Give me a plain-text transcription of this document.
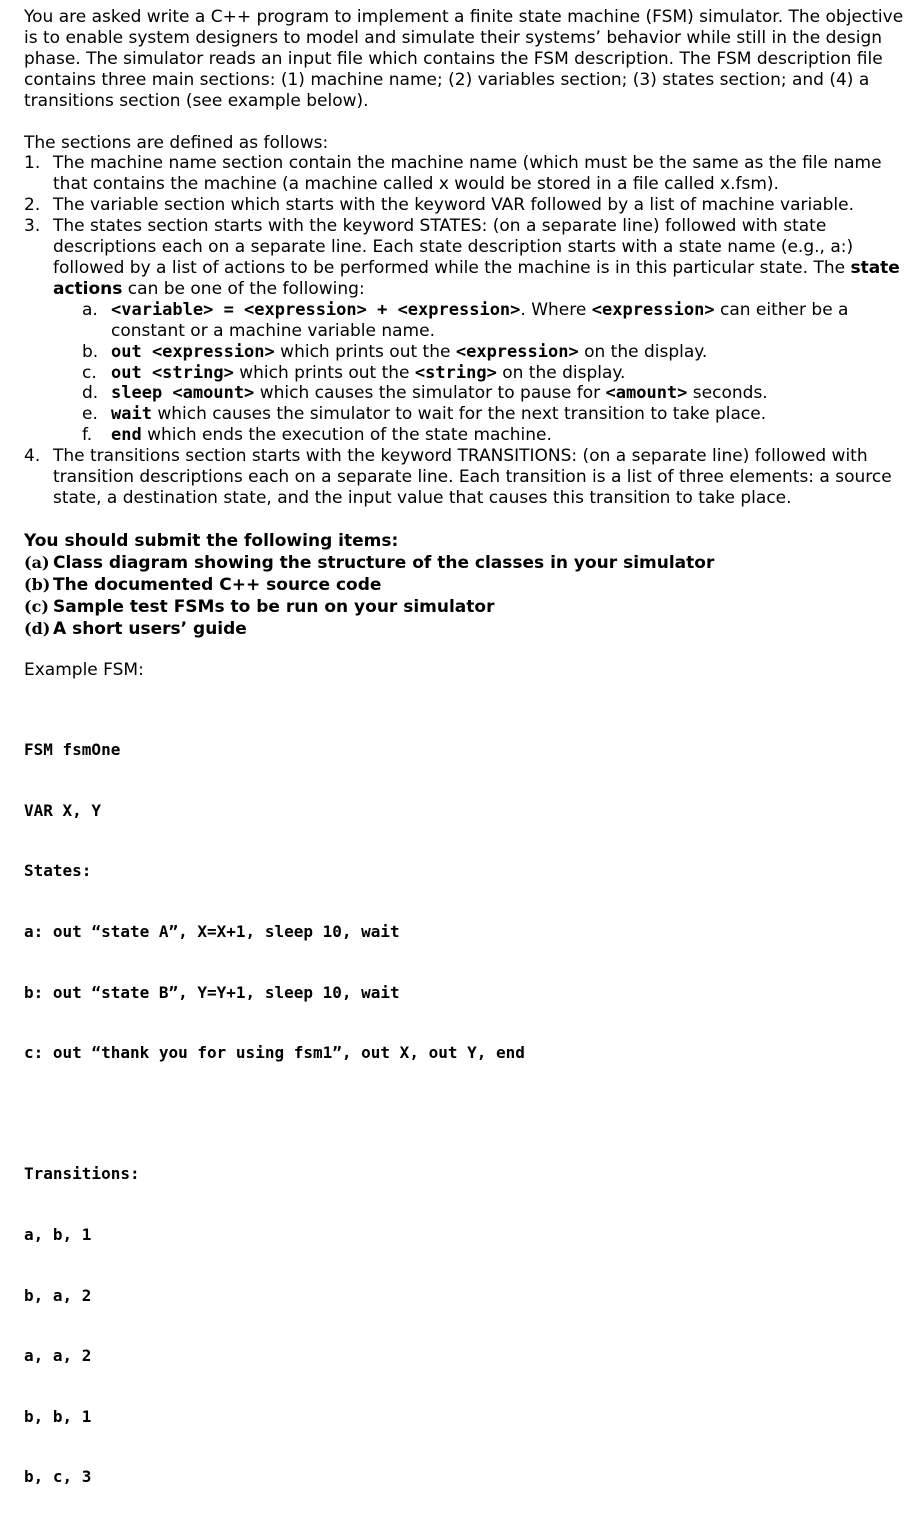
You are asked write a C++ program to implement a finite state machine (FSM) simulator. The objective is to enable system designers to model and simulate their systems’ behavior while still in the design phase. The simulator reads an input file which contains the FSM description. The FSM description file contains three main sections: (1) machine name; (2) variables section; (3) states section; and (4) a transitions section (see example below).

The sections are defined as follows:

1. The machine name section contain the machine name (which must be the same as the file name that contains the machine (a machine called x would be stored in a file called x.fsm).
2. The variable section which starts with the keyword VAR followed by a list of machine variable.
3. The states section starts with the keyword STATES: (on a separate line) followed with state descriptions each on a separate line. Each state description starts with a state name (e.g., a:) followed by a list of actions to be performed while the machine is in this particular state. The state actions can be one of the following:
a. <variable> = <expression> + <expression>. Where <expression> can either be a constant or a machine variable name.
b. out <expression> which prints out the <expression> on the display.
c. out <string> which prints out the <string> on the display.
d. sleep <amount> which causes the simulator to pause for <amount> seconds.
e. wait which causes the simulator to wait for the next transition to take place.
f. end which ends the execution of the state machine.
4. The transitions section starts with the keyword TRANSITIONS: (on a separate line) followed with transition descriptions each on a separate line. Each transition is a list of three elements: a source state, a destination state, and the input value that causes this transition to take place.
You should submit the following items:
(a) Class diagram showing the structure of the classes in your simulator
(b) The documented C++ source code
(c) Sample test FSMs to be run on your simulator
(d) A short users’ guide
Example FSM:

FSM fsmOne

VAR X, Y

States:

a: out “state A”, X=X+1, sleep 10, wait

b: out “state B”, Y=Y+1, sleep 10, wait

c: out “thank you for using fsm1”, out X, out Y, end

Transitions:

a, b, 1

b, a, 2

a, a, 2

b, b, 1

b, c, 3
